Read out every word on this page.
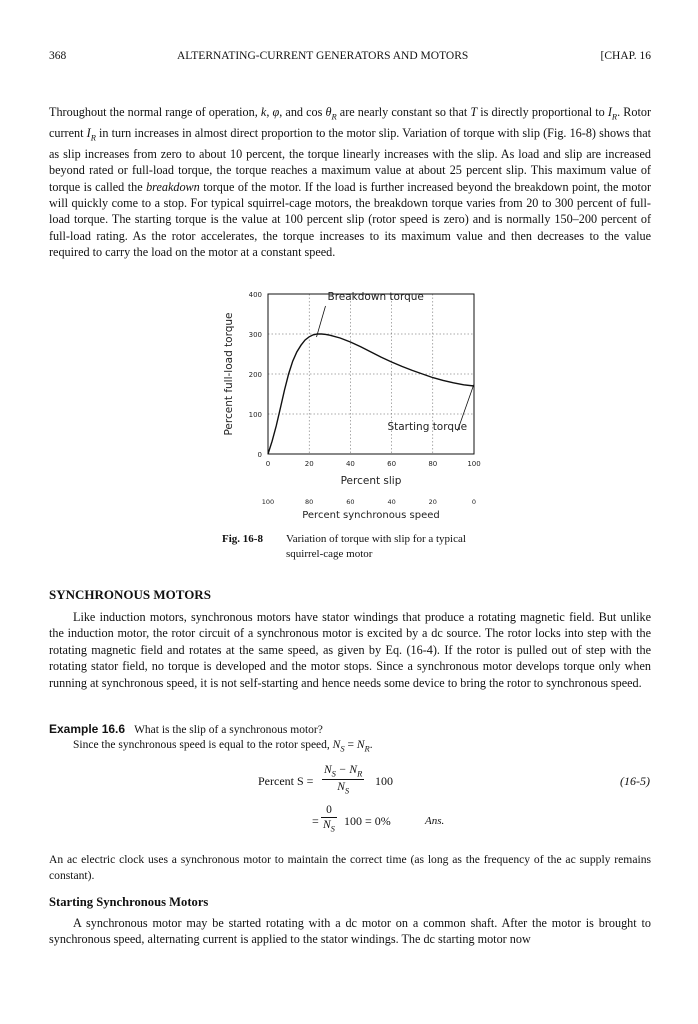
368	ALTERNATING-CURRENT GENERATORS AND MOTORS	[CHAP. 16

Throughout the normal range of operation, k, φ, and $\cos \theta_R$ are nearly constant so that T is directly proportional to $I_R$. Rotor current $I_R$ in turn increases in almost direct proportion to the motor slip. Variation of torque with slip (Fig. 16-8) shows that as slip increases from zero to about 10 percent, the torque linearly increases with the slip. As load and slip are increased beyond rated or full-load torque, the torque reaches a maximum value at about 25 percent slip. This maximum value of torque is called the breakdown torque of the motor. If the load is further increased beyond the breakdown point, the motor will quickly come to a stop. For typical squirrel-cage motors, the breakdown torque varies from 20 to 300 percent of full-load torque. The starting torque is the value at 100 percent slip (rotor speed is zero) and is normally 150–200 percent of full-load rating. As the rotor accelerates, the torque increases to its maximum value and then decreases to the value required to carry the load on the motor at a constant speed.

0
100
200
300
400
0	20	40	60	80	100
100	80	60	40	20	0
Breakdown torque
Starting torque
Percent full-load torque
Percent slip
Percent synchronous speed
Fig. 16-8 Variation of torque with slip for a typical

squirrel-cage motor
SYNCHRONOUS MOTORS

Like induction motors, synchronous motors have stator windings that produce a rotating magnetic field. But unlike the induction motor, the rotor circuit of a synchronous motor is excited by a dc source. The rotor locks into step with the rotating magnetic field and rotates at the same speed, as given by Eq. (16-4). If the rotor is pulled out of step with the rotating stator field, no torque is developed and the motor stops. Since a synchronous motor develops torque only when running at synchronous speed, it is not self-starting and hence needs some device to bring the rotor to synchronous speed.

Example 16.6 What is the slip of a synchronous motor?
Since the synchronous speed is equal to the rotor speed, $N_S = N_R$.
Percent $S = \frac{N_S - N_R}{N_S} 100$	(16-5)
= $\frac{0}{N_S} 100 = 0\%$	Ans.

An ac electric clock uses a synchronous motor to maintain the correct time (as long as the frequency of the ac supply remains constant).

Starting Synchronous Motors

A synchronous motor may be started rotating with a dc motor on a common shaft. After the motor is brought to synchronous speed, alternating current is applied to the stator windings. The dc starting motor now
